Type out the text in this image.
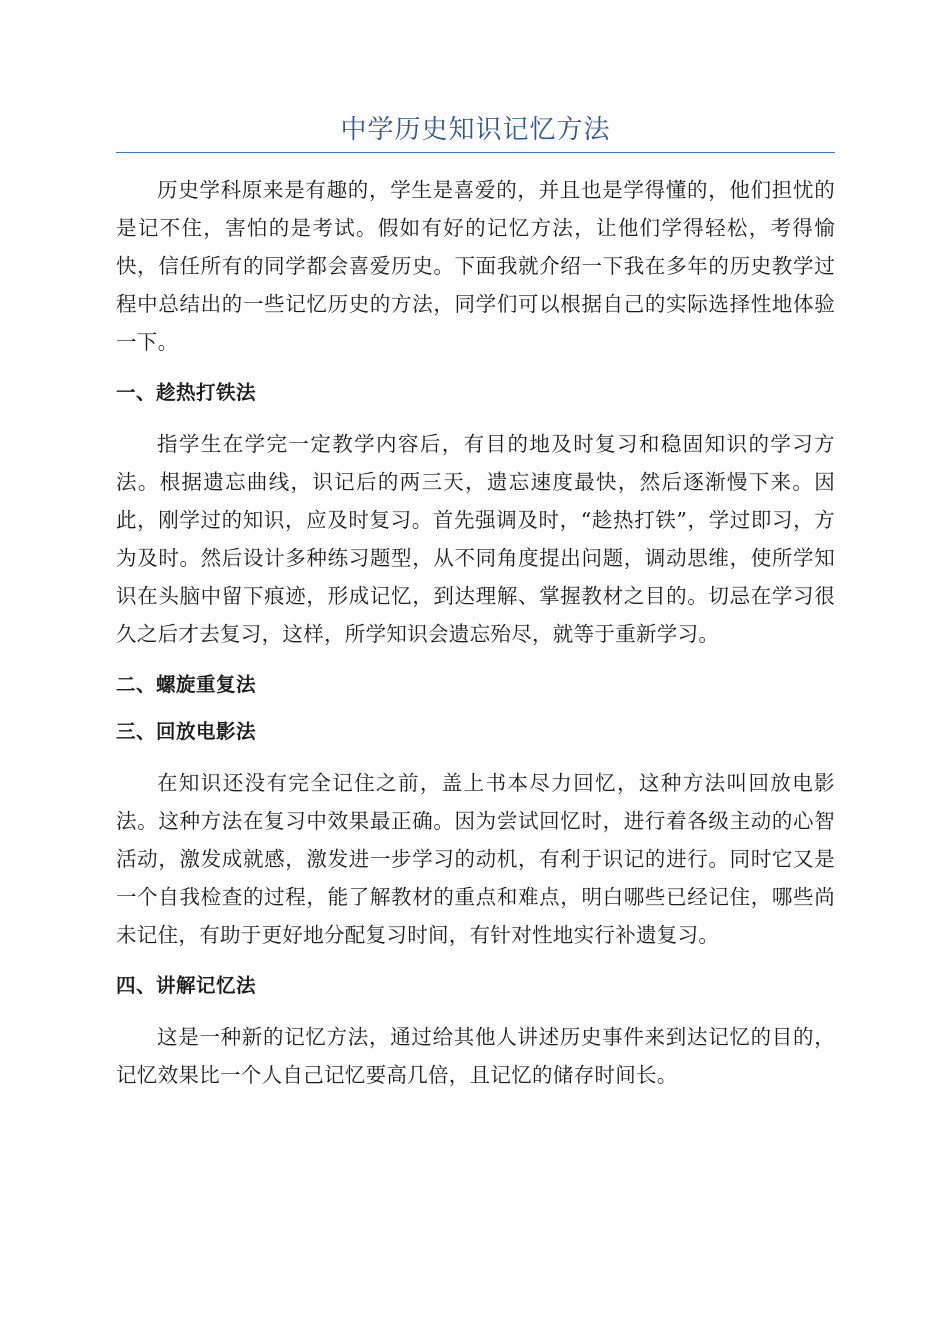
中学历史知识记忆方法

历史学科原来是有趣的，学生是喜爱的，并且也是学得懂的，他们担忧的是记不住，害怕的是考试。假如有好的记忆方法，让他们学得轻松，考得愉快，信任所有的同学都会喜爱历史。下面我就介绍一下我在多年的历史教学过程中总结出的一些记忆历史的方法，同学们可以根据自己的实际选择性地体验一下。

一、趁热打铁法

指学生在学完一定教学内容后，有目的地及时复习和稳固知识的学习方法。根据遗忘曲线，识记后的两三天，遗忘速度最快，然后逐渐慢下来。因此，刚学过的知识，应及时复习。首先强调及时，“趁热打铁”，学过即习，方为及时。然后设计多种练习题型，从不同角度提出问题，调动思维，使所学知识在头脑中留下痕迹，形成记忆，到达理解、掌握教材之目的。切忌在学习很久之后才去复习，这样，所学知识会遗忘殆尽，就等于重新学习。

二、螺旋重复法
三、回放电影法

在知识还没有完全记住之前，盖上书本尽力回忆，这种方法叫回放电影法。这种方法在复习中效果最正确。因为尝试回忆时，进行着各级主动的心智活动，激发成就感，激发进一步学习的动机，有利于识记的进行。同时它又是一个自我检查的过程，能了解教材的重点和难点，明白哪些已经记住，哪些尚未记住，有助于更好地分配复习时间，有针对性地实行补遗复习。

四、讲解记忆法

这是一种新的记忆方法，通过给其他人讲述历史事件来到达记忆的目的，记忆效果比一个人自己记忆要高几倍，且记忆的储存时间长。
